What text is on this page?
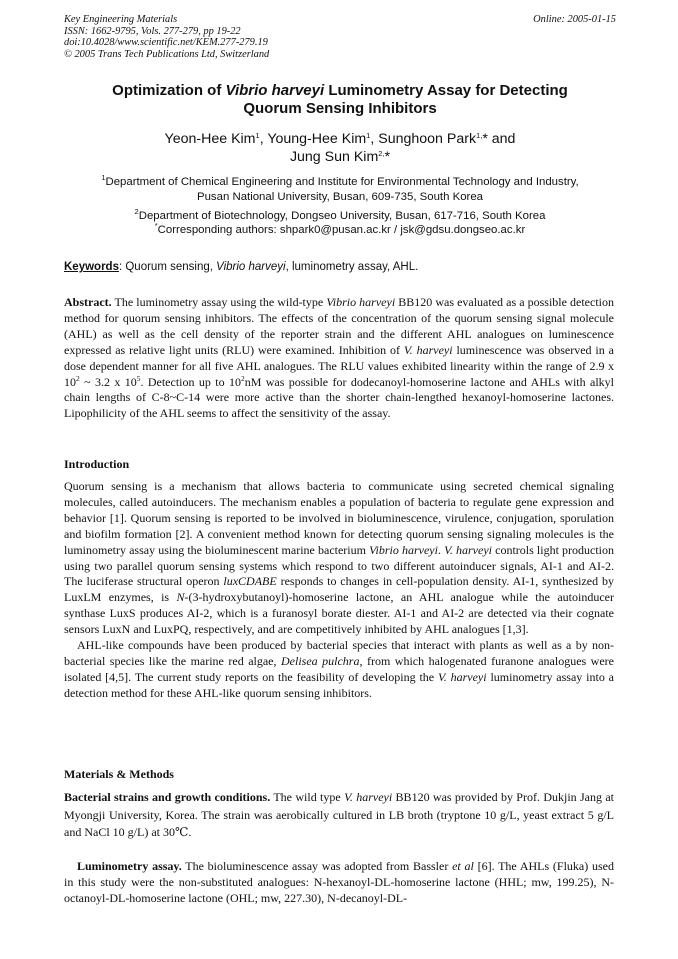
Key Engineering Materials
ISSN: 1662-9795, Vols. 277-279, pp 19-22
doi:10.4028/www.scientific.net/KEM.277-279.19
© 2005 Trans Tech Publications Ltd, Switzerland
Online: 2005-01-15
Optimization of Vibrio harveyi Luminometry Assay for Detecting
Quorum Sensing Inhibitors
Yeon-Hee Kim$^1$, Young-Hee Kim$^1$, Sunghoon Park$^{1,}$* and
Jung Sun Kim$^{2,}$*
$^1$Department of Chemical Engineering and Institute for Environmental Technology and Industry,
Pusan National University, Busan, 609-735, South Korea
$^2$Department of Biotechnology, Dongseo University, Busan, 617-716, South Korea
*Corresponding authors: shpark0@pusan.ac.kr / jsk@gdsu.dongseo.ac.kr
Keywords: Quorum sensing, Vibrio harveyi, luminometry assay, AHL.

Abstract. The luminometry assay using the wild-type Vibrio harveyi BB120 was evaluated as a possible detection method for quorum sensing inhibitors. The effects of the concentration of the quorum sensing signal molecule (AHL) as well as the cell density of the reporter strain and the different AHL analogues on luminescence expressed as relative light units (RLU) were examined. Inhibition of V. harveyi luminescence was observed in a dose dependent manner for all five AHL analogues. The RLU values exhibited linearity within the range of 2.9 x $10^2$ ~ 3.2 x $10^5$. Detection up to $10^2nM$ was possible for dodecanoyl-homoserine lactone and AHLs with alkyl chain lengths of C-8~C-14 were more active than the shorter chain-lengthed hexanoyl-homoserine lactones. Lipophilicity of the AHL seems to affect the sensitivity of the assay.

Introduction

Quorum sensing is a mechanism that allows bacteria to communicate using secreted chemical signaling molecules, called autoinducers. The mechanism enables a population of bacteria to regulate gene expression and behavior [1]. Quorum sensing is reported to be involved in bioluminescence, virulence, conjugation, sporulation and biofilm formation [2]. A convenient method known for detecting quorum sensing signaling molecules is the luminometry assay using the bioluminescent marine bacterium Vibrio harveyi. V. harveyi controls light production using two parallel quorum sensing systems which respond to two different autoinducer signals, AI-1 and AI-2. The luciferase structural operon luxCDABE responds to changes in cell-population density. AI-1, synthesized by LuxLM enzymes, is N-(3-hydroxybutanoyl)-homoserine lactone, an AHL analogue while the autoinducer synthase LuxS produces AI-2, which is a furanosyl borate diester. AI-1 and AI-2 are detected via their cognate sensors LuxN and LuxPQ, respectively, and are competitively inhibited by AHL analogues [1,3].

AHL-like compounds have been produced by bacterial species that interact with plants as well as a by non-bacterial species like the marine red algae, Delisea pulchra, from which halogenated furanone analogues were isolated [4,5]. The current study reports on the feasibility of developing the V. harveyi luminometry assay into a detection method for these AHL-like quorum sensing inhibitors.

Materials & Methods

Bacterial strains and growth conditions. The wild type V. harveyi BB120 was provided by Prof. Dukjin Jang at Myongji University, Korea. The strain was aerobically cultured in LB broth (tryptone 10 g/L, yeast extract 5 g/L and NaCl 10 g/L) at 30℃.

Luminometry assay. The bioluminescence assay was adopted from Bassler et al [6]. The AHLs (Fluka) used in this study were the non-substituted analogues: N-hexanoyl-DL-homoserine lactone (HHL; mw, 199.25), N-octanoyl-DL-homoserine lactone (OHL; mw, 227.30), N-decanoyl-DL-
